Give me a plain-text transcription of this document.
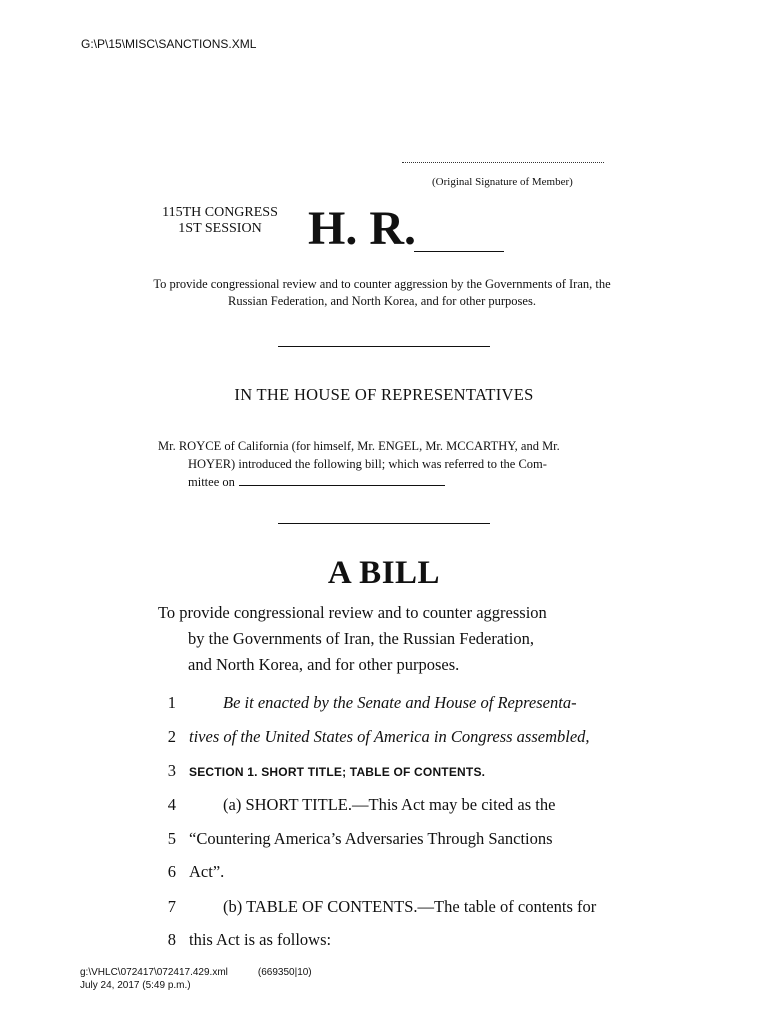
G:\P\15\MISC\SANCTIONS.XML
(Original Signature of Member)
115TH CONGRESS
1ST SESSION H. R.
To provide congressional review and to counter aggression by the Governments of Iran, the Russian Federation, and North Korea, and for other purposes.
IN THE HOUSE OF REPRESENTATIVES
Mr. ROYCE of California (for himself, Mr. ENGEL, Mr. MCCARTHY, and Mr.
HOYER) introduced the following bill; which was referred to the Com-
mittee on
A BILL
To provide congressional review and to counter aggression
by the Governments of Iran, the Russian Federation,
and North Korea, and for other purposes.
1	Be it enacted by the Senate and House of Representa-
2 tives of the United States of America in Congress assembled,
3 SECTION 1. SHORT TITLE; TABLE OF CONTENTS.
4	(a) SHORT TITLE.—This Act may be cited as the
5 “Countering America’s Adversaries Through Sanctions
6 Act”.
7	(b) TABLE OF CONTENTS.—The table of contents for
8 this Act is as follows:
g:\VHLC\072417\072417.429.xml	(669350|10)
July 24, 2017 (5:49 p.m.)
